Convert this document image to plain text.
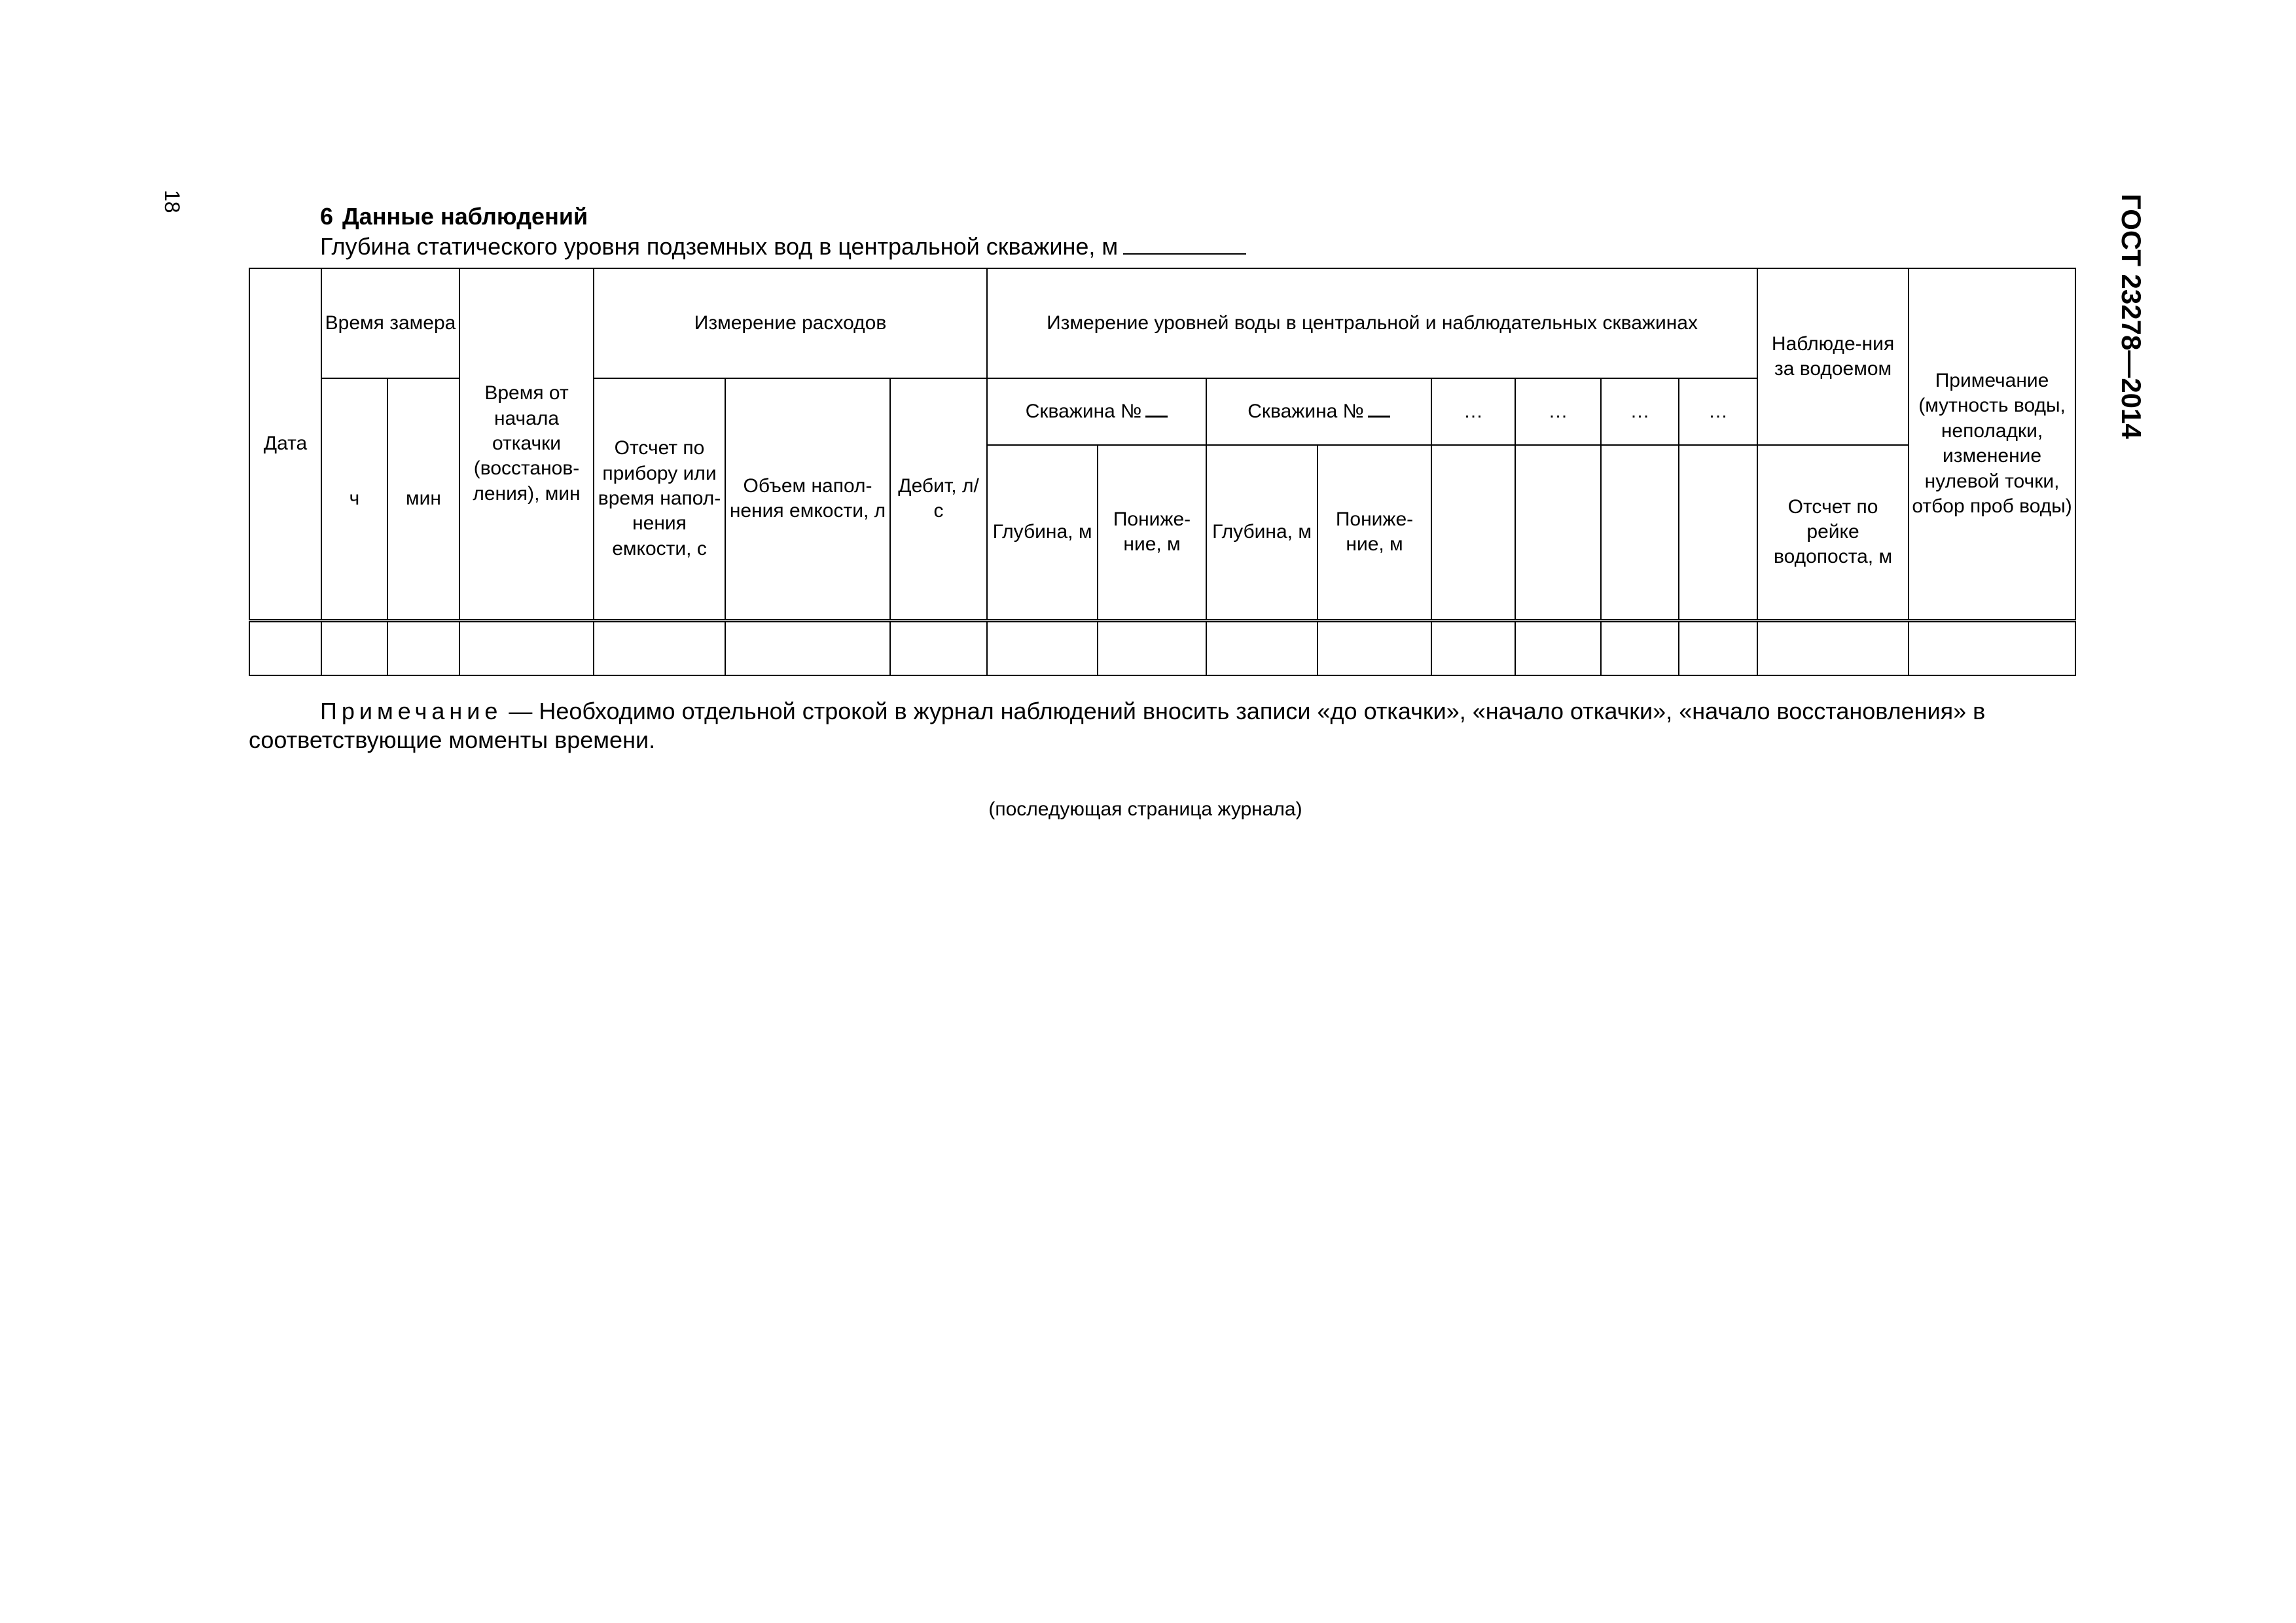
18	ГОСТ 23278—2014
6 Данные наблюдений
Глубина статического уровня подземных вод в центральной скважине, м
Дата	Время замера		Время от начала откачки (восстанов-ления), мин	Измерение расходов			Измерение уровней воды в центральной и наблюдательных скважинах								Наблюде-ния за водоемом	Примечание (мутность воды, неполадки, изменение нулевой точки, отбор проб воды)
	ч	мин		Отсчет по прибору или время напол-нения емкости, с	Объем напол-нения емкости, л	Дебит, л/с	Скважина №		Скважина №		…	…	…	…		
							Глубина, м	Пониже-ние, м	Глубина, м	Пониже-ние, м					Отсчет по рейке водопоста, м	

Примечание — Необходимо отдельной строкой в журнал наблюдений вносить записи «до откачки», «начало откачки», «начало восстановления» в соответствующие моменты времени.
(последующая страница журнала)
